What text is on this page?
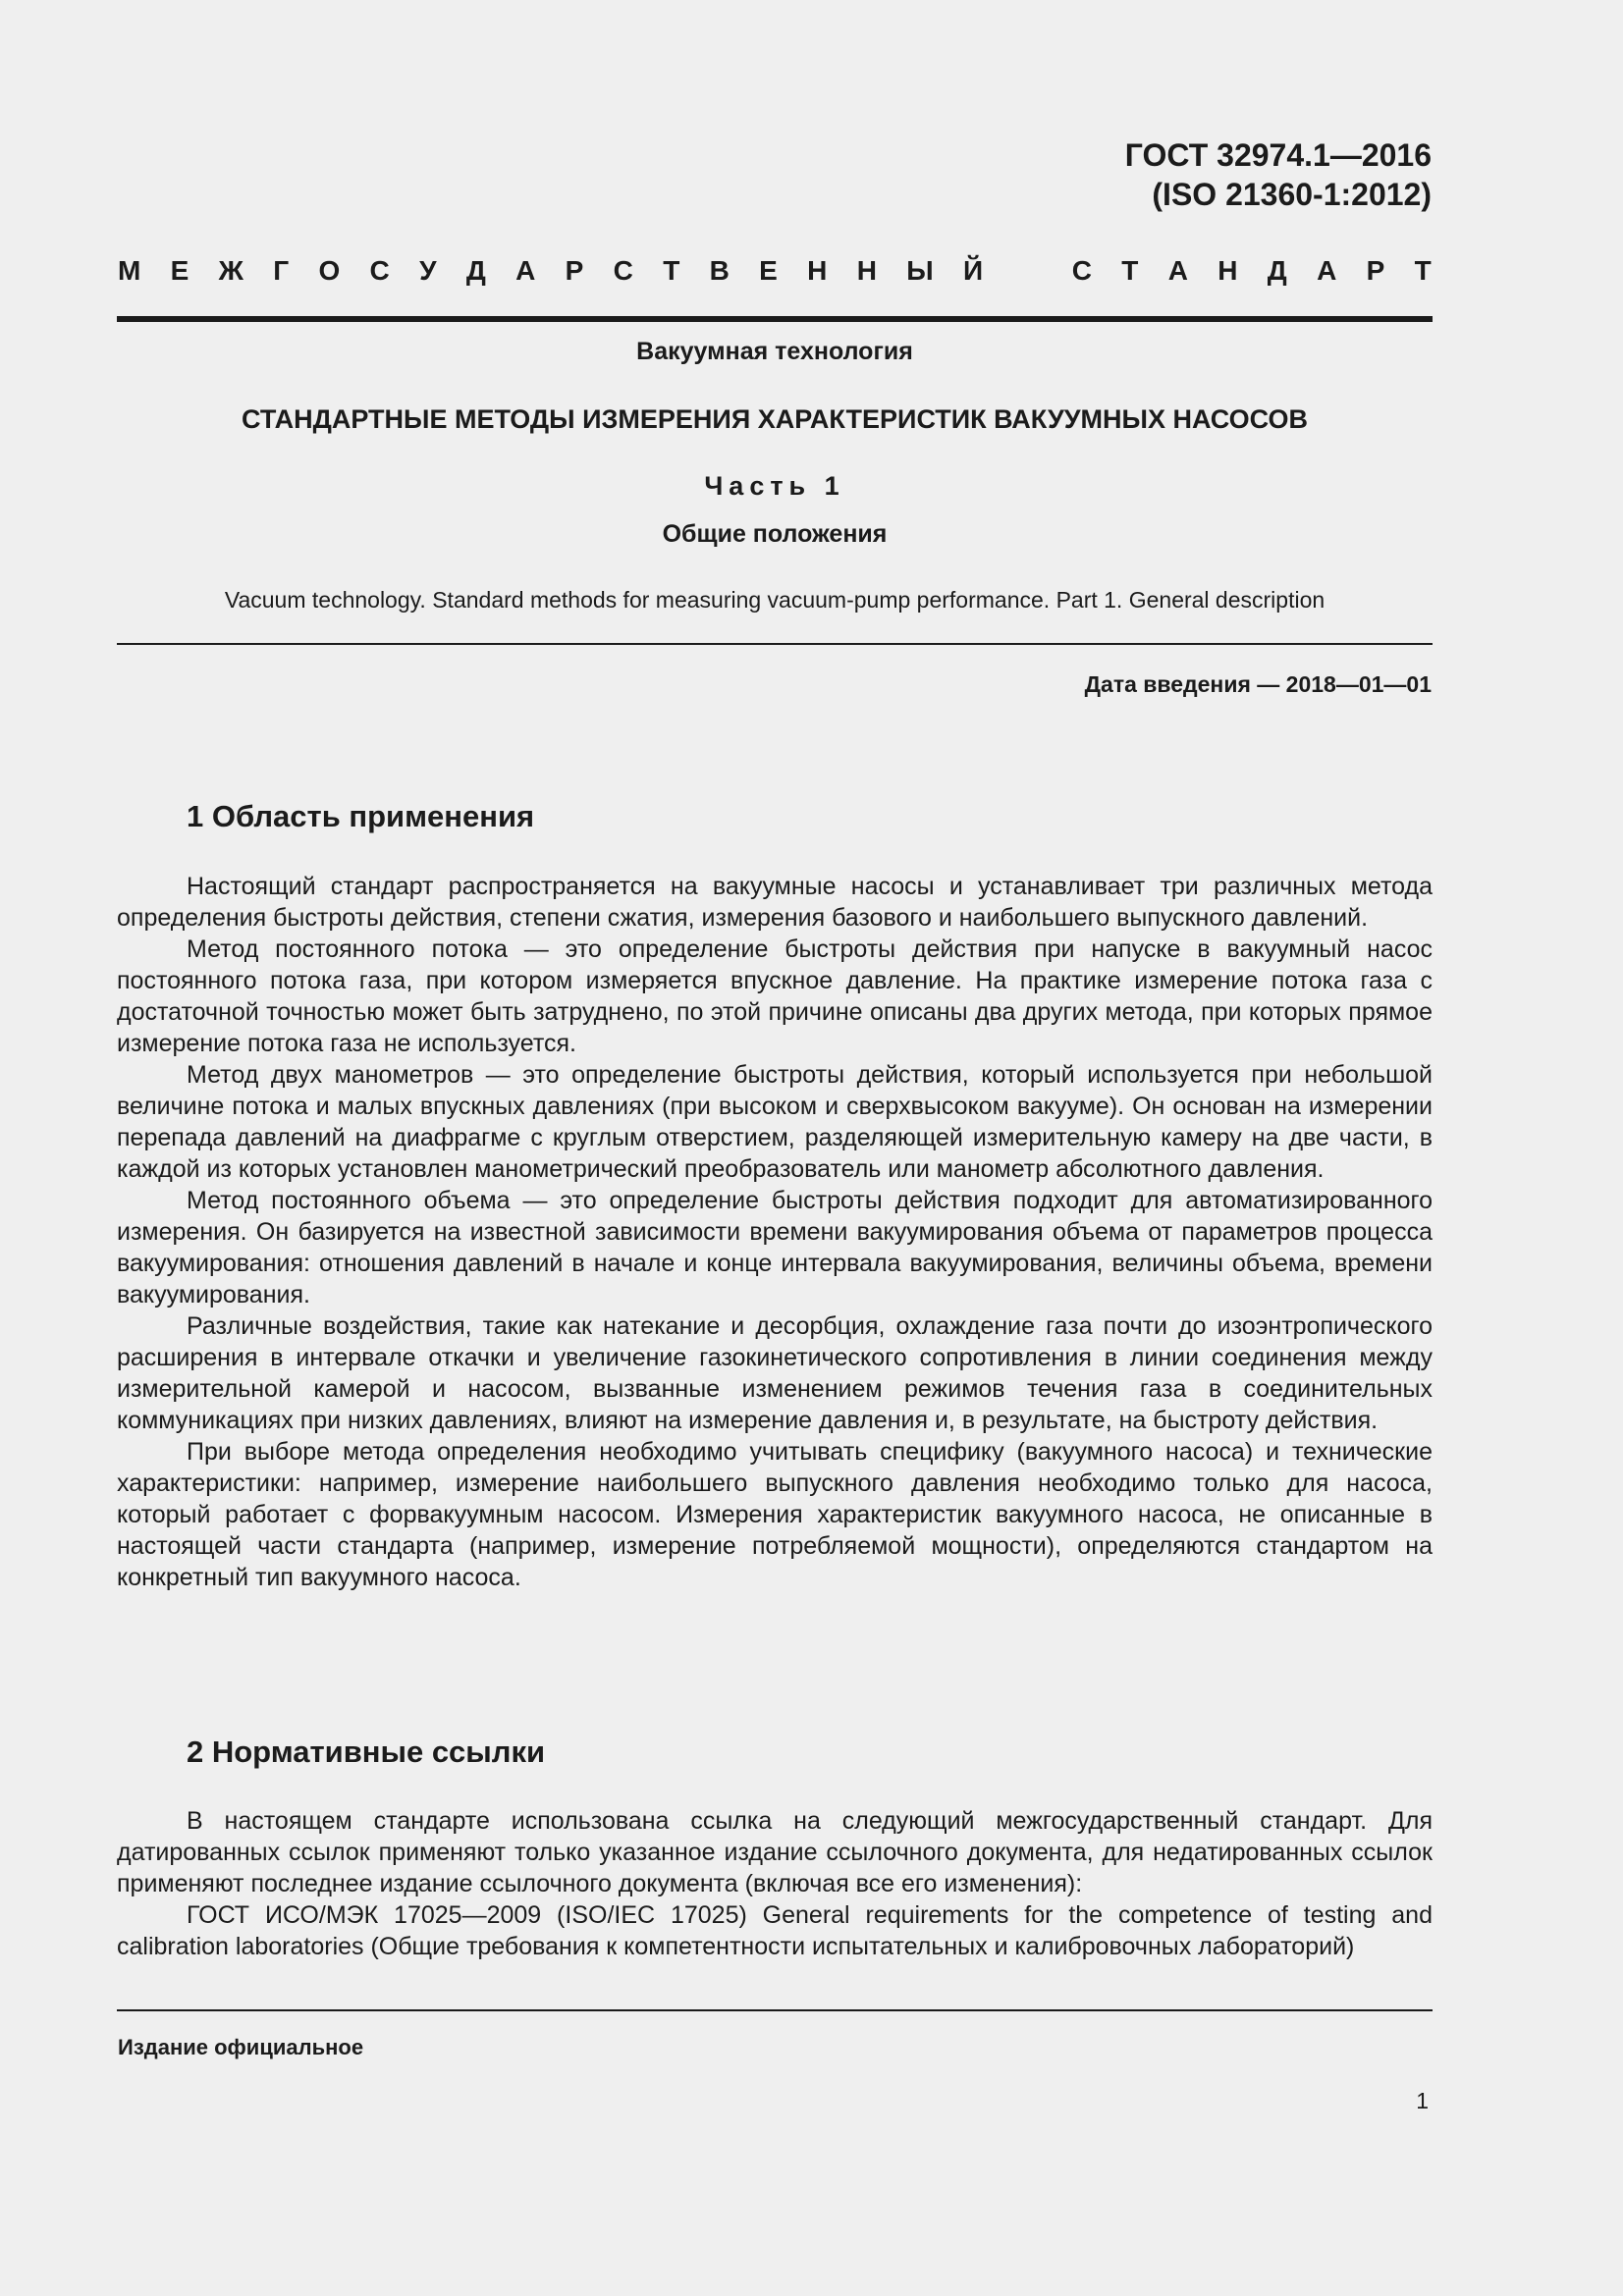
ГОСТ 32974.1—2016
(ISO 21360-1:2012)
М Е Ж Г О С У Д А Р С Т В Е Н Н Ы Й
	С Т А Н Д А Р Т
Вакуумная технология
СТАНДАРТНЫЕ МЕТОДЫ ИЗМЕРЕНИЯ ХАРАКТЕРИСТИК ВАКУУМНЫХ НАСОСОВ
Часть 1
Общие положения
Vacuum technology. Standard methods for measuring vacuum-pump performance. Part 1. General description
Дата введения — 2018—01—01
1 Область применения

Настоящий стандарт распространяется на вакуумные насосы и устанавливает три различных метода определения быстроты действия, степени сжатия, измерения базового и наибольшего выпускного давлений.

Метод постоянного потока — это определение быстроты действия при напуске в вакуумный насос постоянного потока газа, при котором измеряется впускное давление. На практике измерение потока газа с достаточной точностью может быть затруднено, по этой причине описаны два других метода, при которых прямое измерение потока газа не используется.

Метод двух манометров — это определение быстроты действия, который используется при небольшой величине потока и малых впускных давлениях (при высоком и сверхвысоком вакууме). Он основан на измерении перепада давлений на диафрагме с круглым отверстием, разделяющей измерительную камеру на две части, в каждой из которых установлен манометрический преобразователь или манометр абсолютного давления.

Метод постоянного объема — это определение быстроты действия подходит для автоматизированного измерения. Он базируется на известной зависимости времени вакуумирования объема от параметров процесса вакуумирования: отношения давлений в начале и конце интервала вакуумирования, величины объема, времени вакуумирования.

Различные воздействия, такие как натекание и десорбция, охлаждение газа почти до изоэнтропического расширения в интервале откачки и увеличение газокинетического сопротивления в линии соединения между измерительной камерой и насосом, вызванные изменением режимов течения газа в соединительных коммуникациях при низких давлениях, влияют на измерение давления и, в результате, на быстроту действия.

При выборе метода определения необходимо учитывать специфику (вакуумного насоса) и технические характеристики: например, измерение наибольшего выпускного давления необходимо только для насоса, который работает с форвакуумным насосом. Измерения характеристик вакуумного насоса, не описанные в настоящей части стандарта (например, измерение потребляемой мощности), определяются стандартом на конкретный тип вакуумного насоса.

2 Нормативные ссылки

В настоящем стандарте использована ссылка на следующий межгосударственный стандарт. Для датированных ссылок применяют только указанное издание ссылочного документа, для недатированных ссылок применяют последнее издание ссылочного документа (включая все его изменения):

ГОСТ ИСО/МЭК 17025—2009 (ISO/IEC 17025) General requirements for the competence of testing and calibration laboratories (Общие требования к компетентности испытательных и калибровочных лабораторий)

Издание официальное
1
